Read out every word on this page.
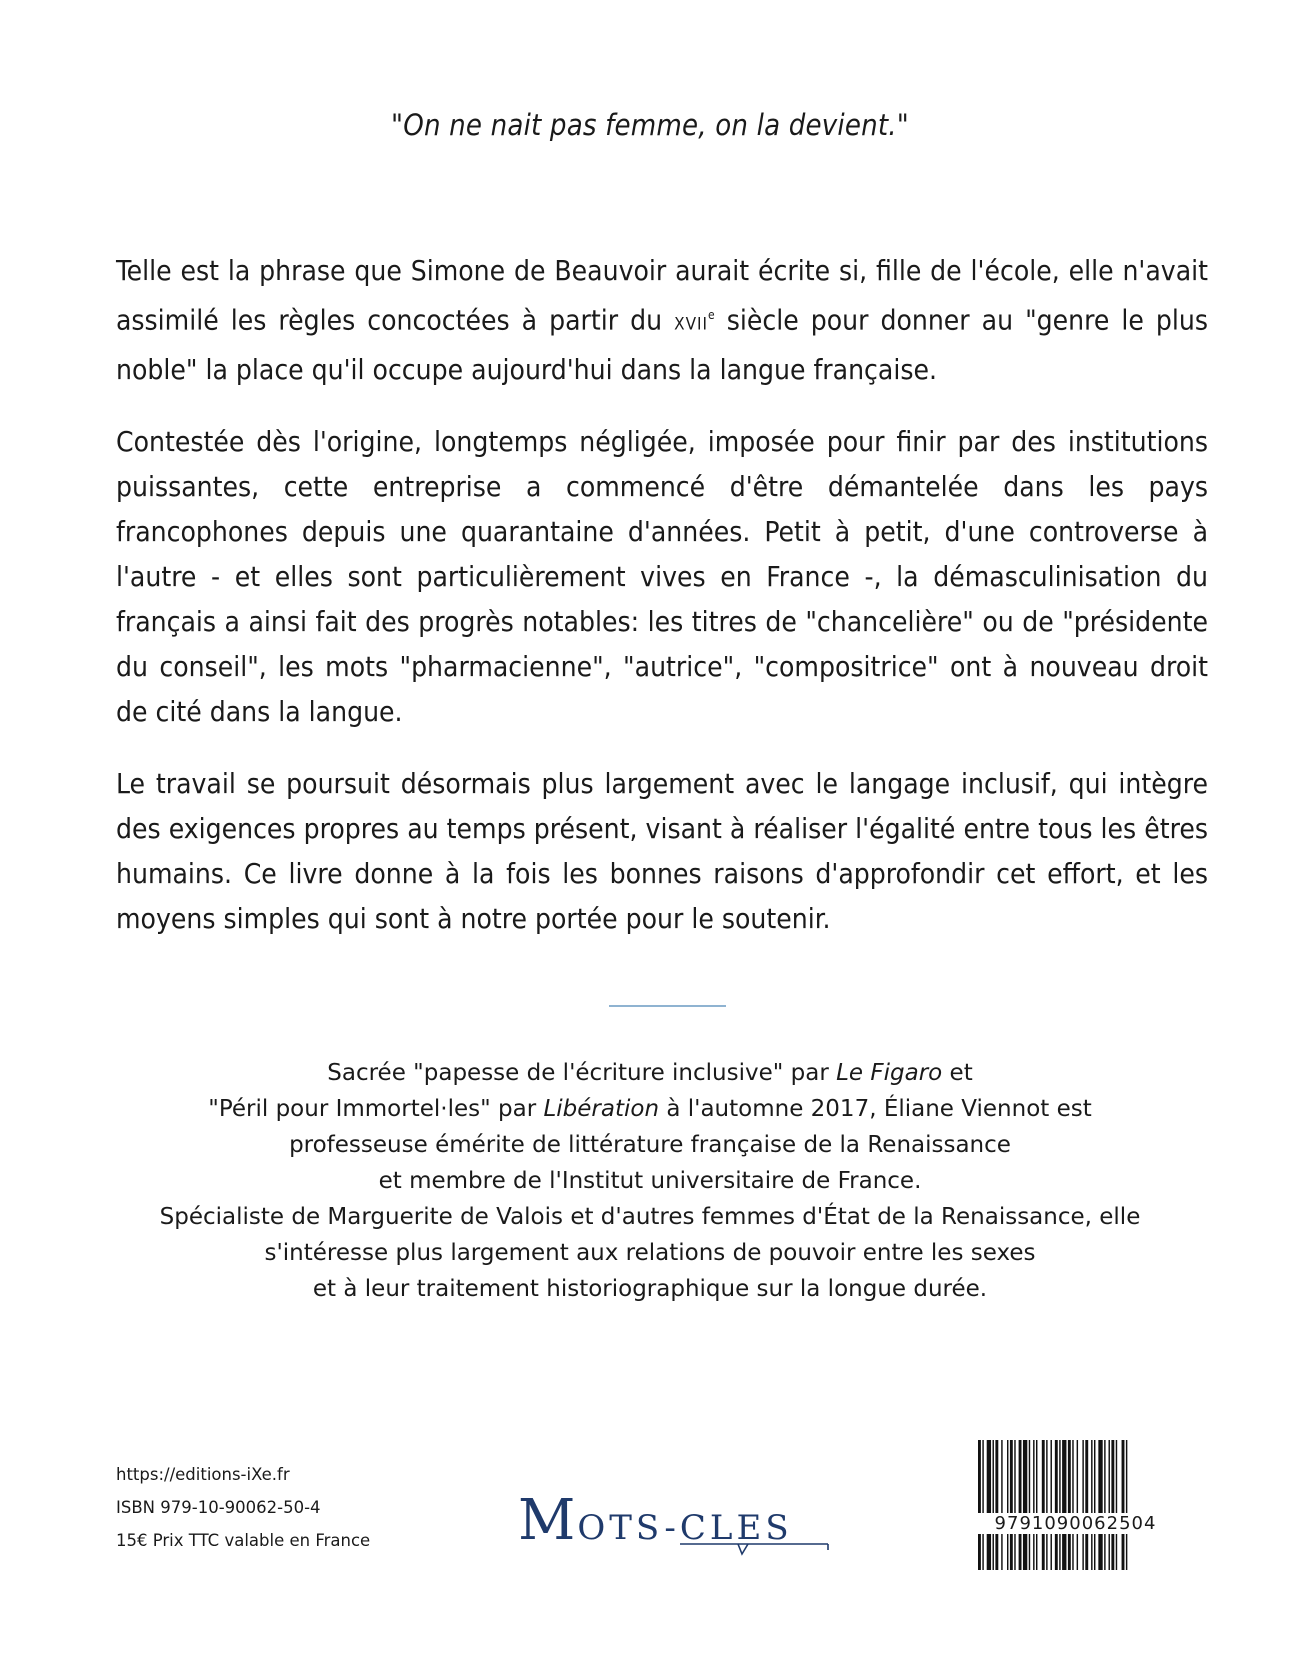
"On ne nait pas femme, on la devient."

Telle est la phrase que Simone de Beauvoir aurait écrite si, fille de l'école, elle n'avait assimilé les règles concoctées à partir du XVIIe siècle pour donner au "genre le plus noble" la place qu'il occupe aujourd'hui dans la langue française.

Contestée dès l'origine, longtemps négligée, imposée pour finir par des institutions puissantes, cette entreprise a commencé d'être démantelée dans les pays francophones depuis une quarantaine d'années. Petit à petit, d'une controverse à l'autre - et elles sont particulièrement vives en France -, la démasculinisation du français a ainsi fait des progrès notables: les titres de "chancelière" ou de "présidente du conseil", les mots "pharmacienne", "autrice", "compositrice" ont à nouveau droit de cité dans la langue.

Le travail se poursuit désormais plus largement avec le langage inclusif, qui intègre des exigences propres au temps présent, visant à réaliser l'égalité entre tous les êtres humains. Ce livre donne à la fois les bonnes raisons d'approfondir cet effort, et les moyens simples qui sont à notre portée pour le soutenir.

Sacrée "papesse de l'écriture inclusive" par Le Figaro et
"Péril pour Immortel·les" par Libération à l'automne 2017, Éliane Viennot est
professeuse émérite de littérature française de la Renaissance
et membre de l'Institut universitaire de France.
Spécialiste de Marguerite de Valois et d'autres femmes d'État de la Renaissance, elle
s'intéresse plus largement aux relations de pouvoir entre les sexes
et à leur traitement historiographique sur la longue durée.
https://editions-iXe.fr
ISBN 979-10-90062-50-4
15€ Prix TTC valable en France	MOTS-CLES	9791090062504
